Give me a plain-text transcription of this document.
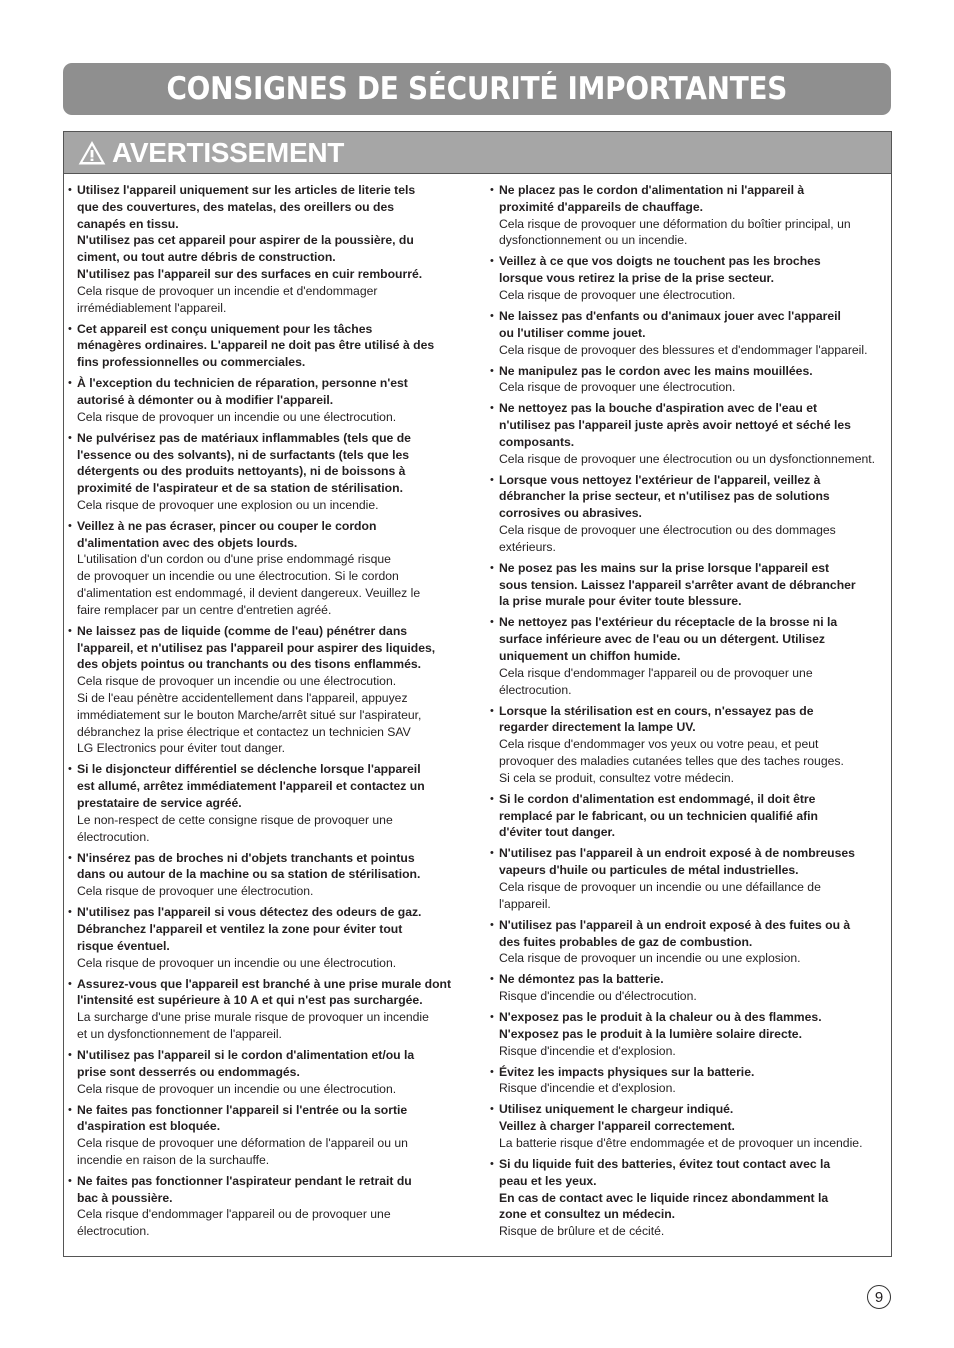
CONSIGNES DE SÉCURITÉ IMPORTANTES
AVERTISSEMENT
• Utilisez l'appareil uniquement sur les articles de literie tels
que des couvertures, des matelas, des oreillers ou des
canapés en tissu.
N'utilisez pas cet appareil pour aspirer de la poussière, du
ciment, ou tout autre débris de construction.
N'utilisez pas l'appareil sur des surfaces en cuir rembourré.
Cela risque de provoquer un incendie et d'endommager
irrémédiablement l'appareil.
• Cet appareil est conçu uniquement pour les tâches
ménagères ordinaires. L'appareil ne doit pas être utilisé à des
fins professionnelles ou commerciales.
• À l'exception du technicien de réparation, personne n'est
autorisé à démonter ou à modifier l'appareil.
Cela risque de provoquer un incendie ou une électrocution.
• Ne pulvérisez pas de matériaux inflammables (tels que de
l'essence ou des solvants), ni de surfactants (tels que les
détergents ou des produits nettoyants), ni de boissons à
proximité de l'aspirateur et de sa station de stérilisation.
Cela risque de provoquer une explosion ou un incendie.
• Veillez à ne pas écraser, pincer ou couper le cordon
d'alimentation avec des objets lourds.
L'utilisation d'un cordon ou d'une prise endommagé risque
de provoquer un incendie ou une électrocution. Si le cordon
d'alimentation est endommagé, il devient dangereux. Veuillez le
faire remplacer par un centre d'entretien agréé.
• Ne laissez pas de liquide (comme de l'eau) pénétrer dans
l'appareil, et n'utilisez pas l'appareil pour aspirer des liquides,
des objets pointus ou tranchants ou des tisons enflammés.
Cela risque de provoquer un incendie ou une électrocution.
Si de l'eau pénètre accidentellement dans l'appareil, appuyez
immédiatement sur le bouton Marche/arrêt situé sur l'aspirateur,
débranchez la prise électrique et contactez un technicien SAV
LG Electronics pour éviter tout danger.
• Si le disjoncteur différentiel se déclenche lorsque l'appareil
est allumé, arrêtez immédiatement l'appareil et contactez un
prestataire de service agréé.
Le non-respect de cette consigne risque de provoquer une
électrocution.
• N'insérez pas de broches ni d'objets tranchants et pointus
dans ou autour de la machine ou sa station de stérilisation.
Cela risque de provoquer une électrocution.
• N'utilisez pas l'appareil si vous détectez des odeurs de gaz.
Débranchez l'appareil et ventilez la zone pour éviter tout
risque éventuel.
Cela risque de provoquer un incendie ou une électrocution.
• Assurez-vous que l'appareil est branché à une prise murale dont
l'intensité est supérieure à 10 A et qui n'est pas surchargée.
La surcharge d'une prise murale risque de provoquer un incendie
et un dysfonctionnement de l'appareil.
• N'utilisez pas l'appareil si le cordon d'alimentation et/ou la
prise sont desserrés ou endommagés.
Cela risque de provoquer un incendie ou une électrocution.
• Ne faites pas fonctionner l'appareil si l'entrée ou la sortie
d'aspiration est bloquée.
Cela risque de provoquer une déformation de l'appareil ou un
incendie en raison de la surchauffe.
• Ne faites pas fonctionner l'aspirateur pendant le retrait du
bac à poussière.
Cela risque d'endommager l'appareil ou de provoquer une
électrocution.
• Ne placez pas le cordon d'alimentation ni l'appareil à
proximité d'appareils de chauffage.
Cela risque de provoquer une déformation du boîtier principal, un
dysfonctionnement ou un incendie.
• Veillez à ce que vos doigts ne touchent pas les broches
lorsque vous retirez la prise de la prise secteur.
Cela risque de provoquer une électrocution.
• Ne laissez pas d'enfants ou d'animaux jouer avec l'appareil
ou l'utiliser comme jouet.
Cela risque de provoquer des blessures et d'endommager l'appareil.
• Ne manipulez pas le cordon avec les mains mouillées.
Cela risque de provoquer une électrocution.
• Ne nettoyez pas la bouche d'aspiration avec de l'eau et
n'utilisez pas l'appareil juste après avoir nettoyé et séché les
composants.
Cela risque de provoquer une électrocution ou un dysfonctionnement.
• Lorsque vous nettoyez l'extérieur de l'appareil, veillez à
débrancher la prise secteur, et n'utilisez pas de solutions
corrosives ou abrasives.
Cela risque de provoquer une électrocution ou des dommages
extérieurs.
• Ne posez pas les mains sur la prise lorsque l'appareil est
sous tension. Laissez l'appareil s'arrêter avant de débrancher
la prise murale pour éviter toute blessure.
• Ne nettoyez pas l'extérieur du réceptacle de la brosse ni la
surface inférieure avec de l'eau ou un détergent. Utilisez
uniquement un chiffon humide.
Cela risque d'endommager l'appareil ou de provoquer une
électrocution.
• Lorsque la stérilisation est en cours, n'essayez pas de
regarder directement la lampe UV.
Cela risque d'endommager vos yeux ou votre peau, et peut
provoquer des maladies cutanées telles que des taches rouges.
Si cela se produit, consultez votre médecin.
• Si le cordon d'alimentation est endommagé, il doit être
remplacé par le fabricant, ou un technicien qualifié afin
d'éviter tout danger.
• N'utilisez pas l'appareil à un endroit exposé à de nombreuses
vapeurs d'huile ou particules de métal industrielles.
Cela risque de provoquer un incendie ou une défaillance de
l'appareil.
• N'utilisez pas l'appareil à un endroit exposé à des fuites ou à
des fuites probables de gaz de combustion.
Cela risque de provoquer un incendie ou une explosion.
• Ne démontez pas la batterie.
Risque d'incendie ou d'électrocution.
• N'exposez pas le produit à la chaleur ou à des flammes.
N'exposez pas le produit à la lumière solaire directe.
Risque d'incendie et d'explosion.
• Évitez les impacts physiques sur la batterie.
Risque d'incendie et d'explosion.
• Utilisez uniquement le chargeur indiqué.
Veillez à charger l'appareil correctement.
La batterie risque d'être endommagée et de provoquer un incendie.
• Si du liquide fuit des batteries, évitez tout contact avec la
peau et les yeux.
En cas de contact avec le liquide rincez abondamment la
zone et consultez un médecin.
Risque de brûlure et de cécité.
9
